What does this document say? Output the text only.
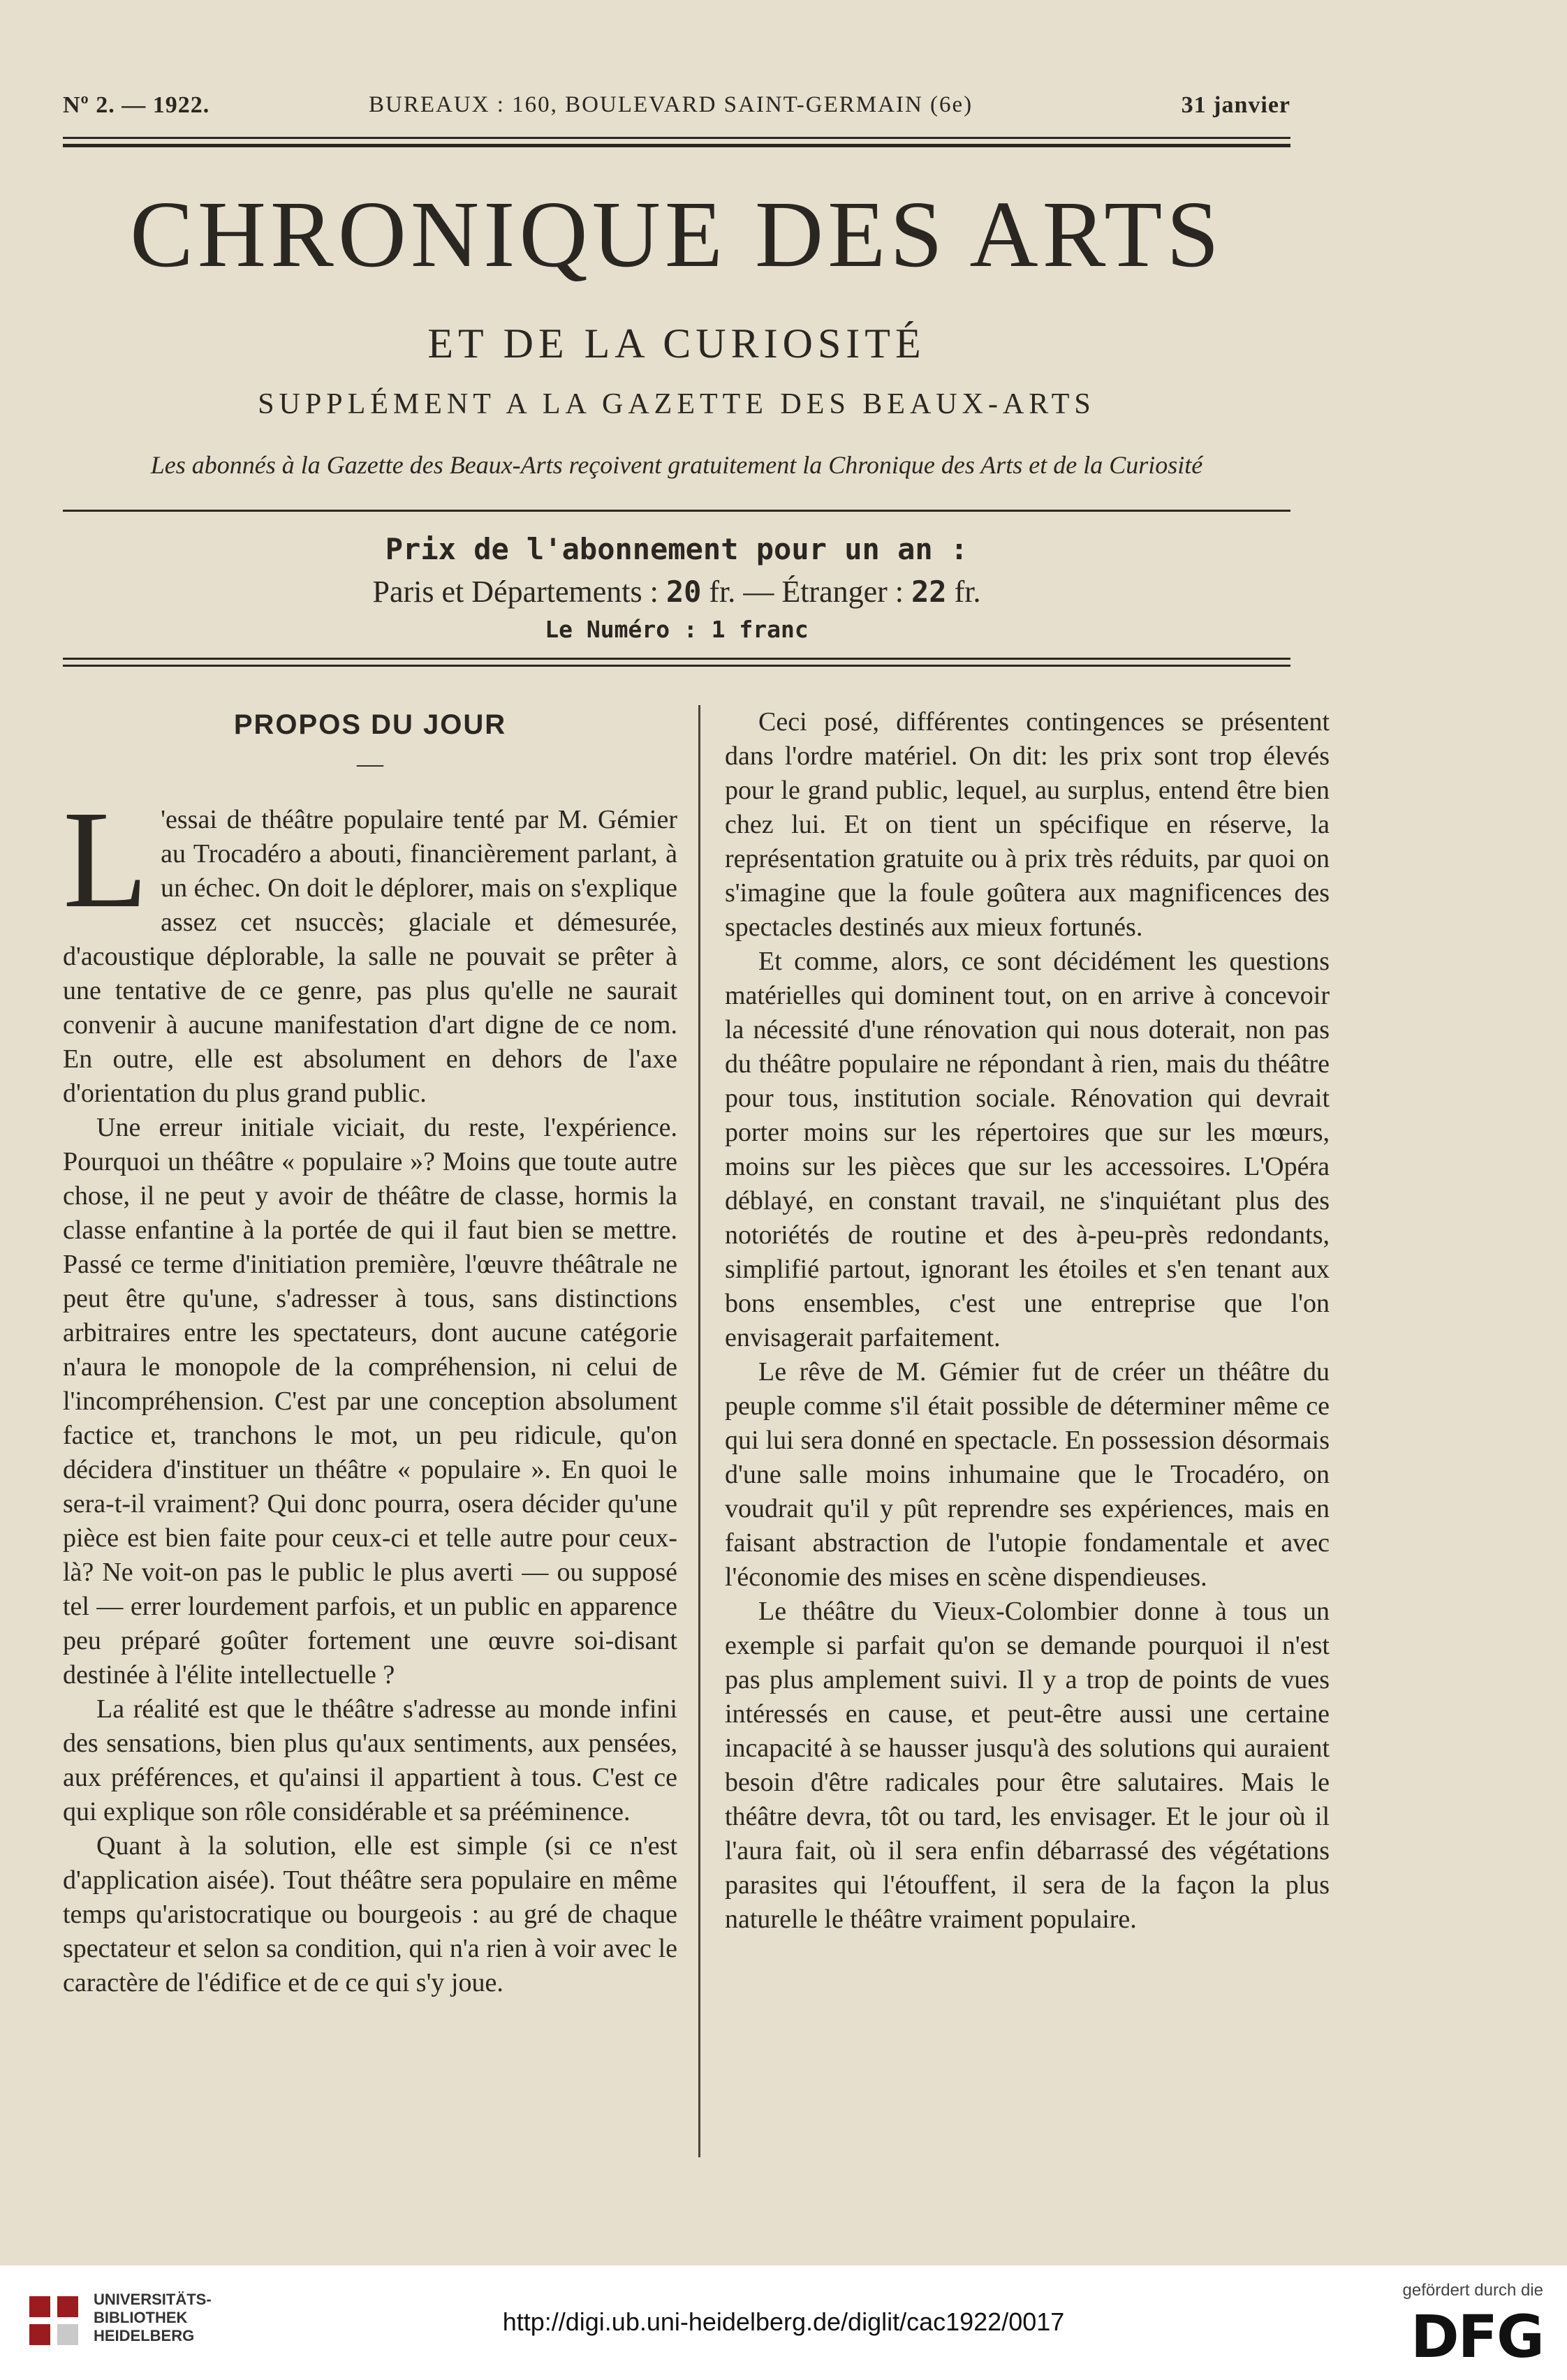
Nº 2. — 1922.	BUREAUX : 160, BOULEVARD SAINT-GERMAIN (6e)	31 janvier
CHRONIQUE DES ARTS
ET DE LA CURIOSITÉ
SUPPLÉMENT A LA GAZETTE DES BEAUX-ARTS
Les abonnés à la Gazette des Beaux-Arts reçoivent gratuitement la Chronique des Arts et de la Curiosité
Prix de l'abonnement pour un an :
Paris et Départements : 20 fr. — Étranger : 22 fr.
Le Numéro : 1 franc
PROPOS DU JOUR
—

L 'essai de théâtre populaire tenté par M. Gémier au Trocadéro a abouti, financièrement parlant, à un échec. On doit le déplorer, mais on s'explique assez cet nsuccès; glaciale et démesurée, d'acoustique déplorable, la salle ne pouvait se prêter à une tentative de ce genre, pas plus qu'elle ne saurait convenir à aucune manifestation d'art digne de ce nom. En outre, elle est absolument en dehors de l'axe d'orientation du plus grand public.

Une erreur initiale viciait, du reste, l'expérience. Pourquoi un théâtre « populaire »? Moins que toute autre chose, il ne peut y avoir de théâtre de classe, hormis la classe enfantine à la portée de qui il faut bien se mettre. Passé ce terme d'initiation première, l'œuvre théâtrale ne peut être qu'une, s'adresser à tous, sans distinctions arbitraires entre les spectateurs, dont aucune catégorie n'aura le monopole de la compréhension, ni celui de l'incompréhension. C'est par une conception absolument factice et, tranchons le mot, un peu ridicule, qu'on décidera d'instituer un théâtre « populaire ». En quoi le sera-t-il vraiment? Qui donc pourra, osera décider qu'une pièce est bien faite pour ceux-ci et telle autre pour ceux-là? Ne voit-on pas le public le plus averti — ou supposé tel — errer lourdement parfois, et un public en apparence peu préparé goûter fortement une œuvre soi-disant destinée à l'élite intellectuelle ?

La réalité est que le théâtre s'adresse au monde infini des sensations, bien plus qu'aux sentiments, aux pensées, aux préférences, et qu'ainsi il appartient à tous. C'est ce qui explique son rôle considérable et sa prééminence.

Quant à la solution, elle est simple (si ce n'est d'application aisée). Tout théâtre sera populaire en même temps qu'aristocratique ou bourgeois : au gré de chaque spectateur et selon sa condition, qui n'a rien à voir avec le caractère de l'édifice et de ce qui s'y joue.

Ceci posé, différentes contingences se présentent dans l'ordre matériel. On dit: les prix sont trop élevés pour le grand public, lequel, au surplus, entend être bien chez lui. Et on tient un spécifique en réserve, la représentation gratuite ou à prix très réduits, par quoi on s'imagine que la foule goûtera aux magnificences des spectacles destinés aux mieux fortunés.

Et comme, alors, ce sont décidément les questions matérielles qui dominent tout, on en arrive à concevoir la nécessité d'une rénovation qui nous doterait, non pas du théâtre populaire ne répondant à rien, mais du théâtre pour tous, institution sociale. Rénovation qui devrait porter moins sur les répertoires que sur les mœurs, moins sur les pièces que sur les accessoires. L'Opéra déblayé, en constant travail, ne s'inquiétant plus des notoriétés de routine et des à-peu-près redondants, simplifié partout, ignorant les étoiles et s'en tenant aux bons ensembles, c'est une entreprise que l'on envisagerait parfaitement.

Le rêve de M. Gémier fut de créer un théâtre du peuple comme s'il était possible de déterminer même ce qui lui sera donné en spectacle. En possession désormais d'une salle moins inhumaine que le Trocadéro, on voudrait qu'il y pût reprendre ses expériences, mais en faisant abstraction de l'utopie fondamentale et avec l'économie des mises en scène dispendieuses.

Le théâtre du Vieux-Colombier donne à tous un exemple si parfait qu'on se demande pourquoi il n'est pas plus amplement suivi. Il y a trop de points de vues intéressés en cause, et peut-être aussi une certaine incapacité à se hausser jusqu'à des solutions qui auraient besoin d'être radicales pour être salutaires. Mais le théâtre devra, tôt ou tard, les envisager. Et le jour où il l'aura fait, où il sera enfin débarrassé des végétations parasites qui l'étouffent, il sera de la façon la plus naturelle le théâtre vraiment populaire.

UNIVERSITÄTS-
BIBLIOTHEK
HEIDELBERG	http://digi.ub.uni-heidelberg.de/diglit/cac1922/0017
gefördert durch die
DFG
